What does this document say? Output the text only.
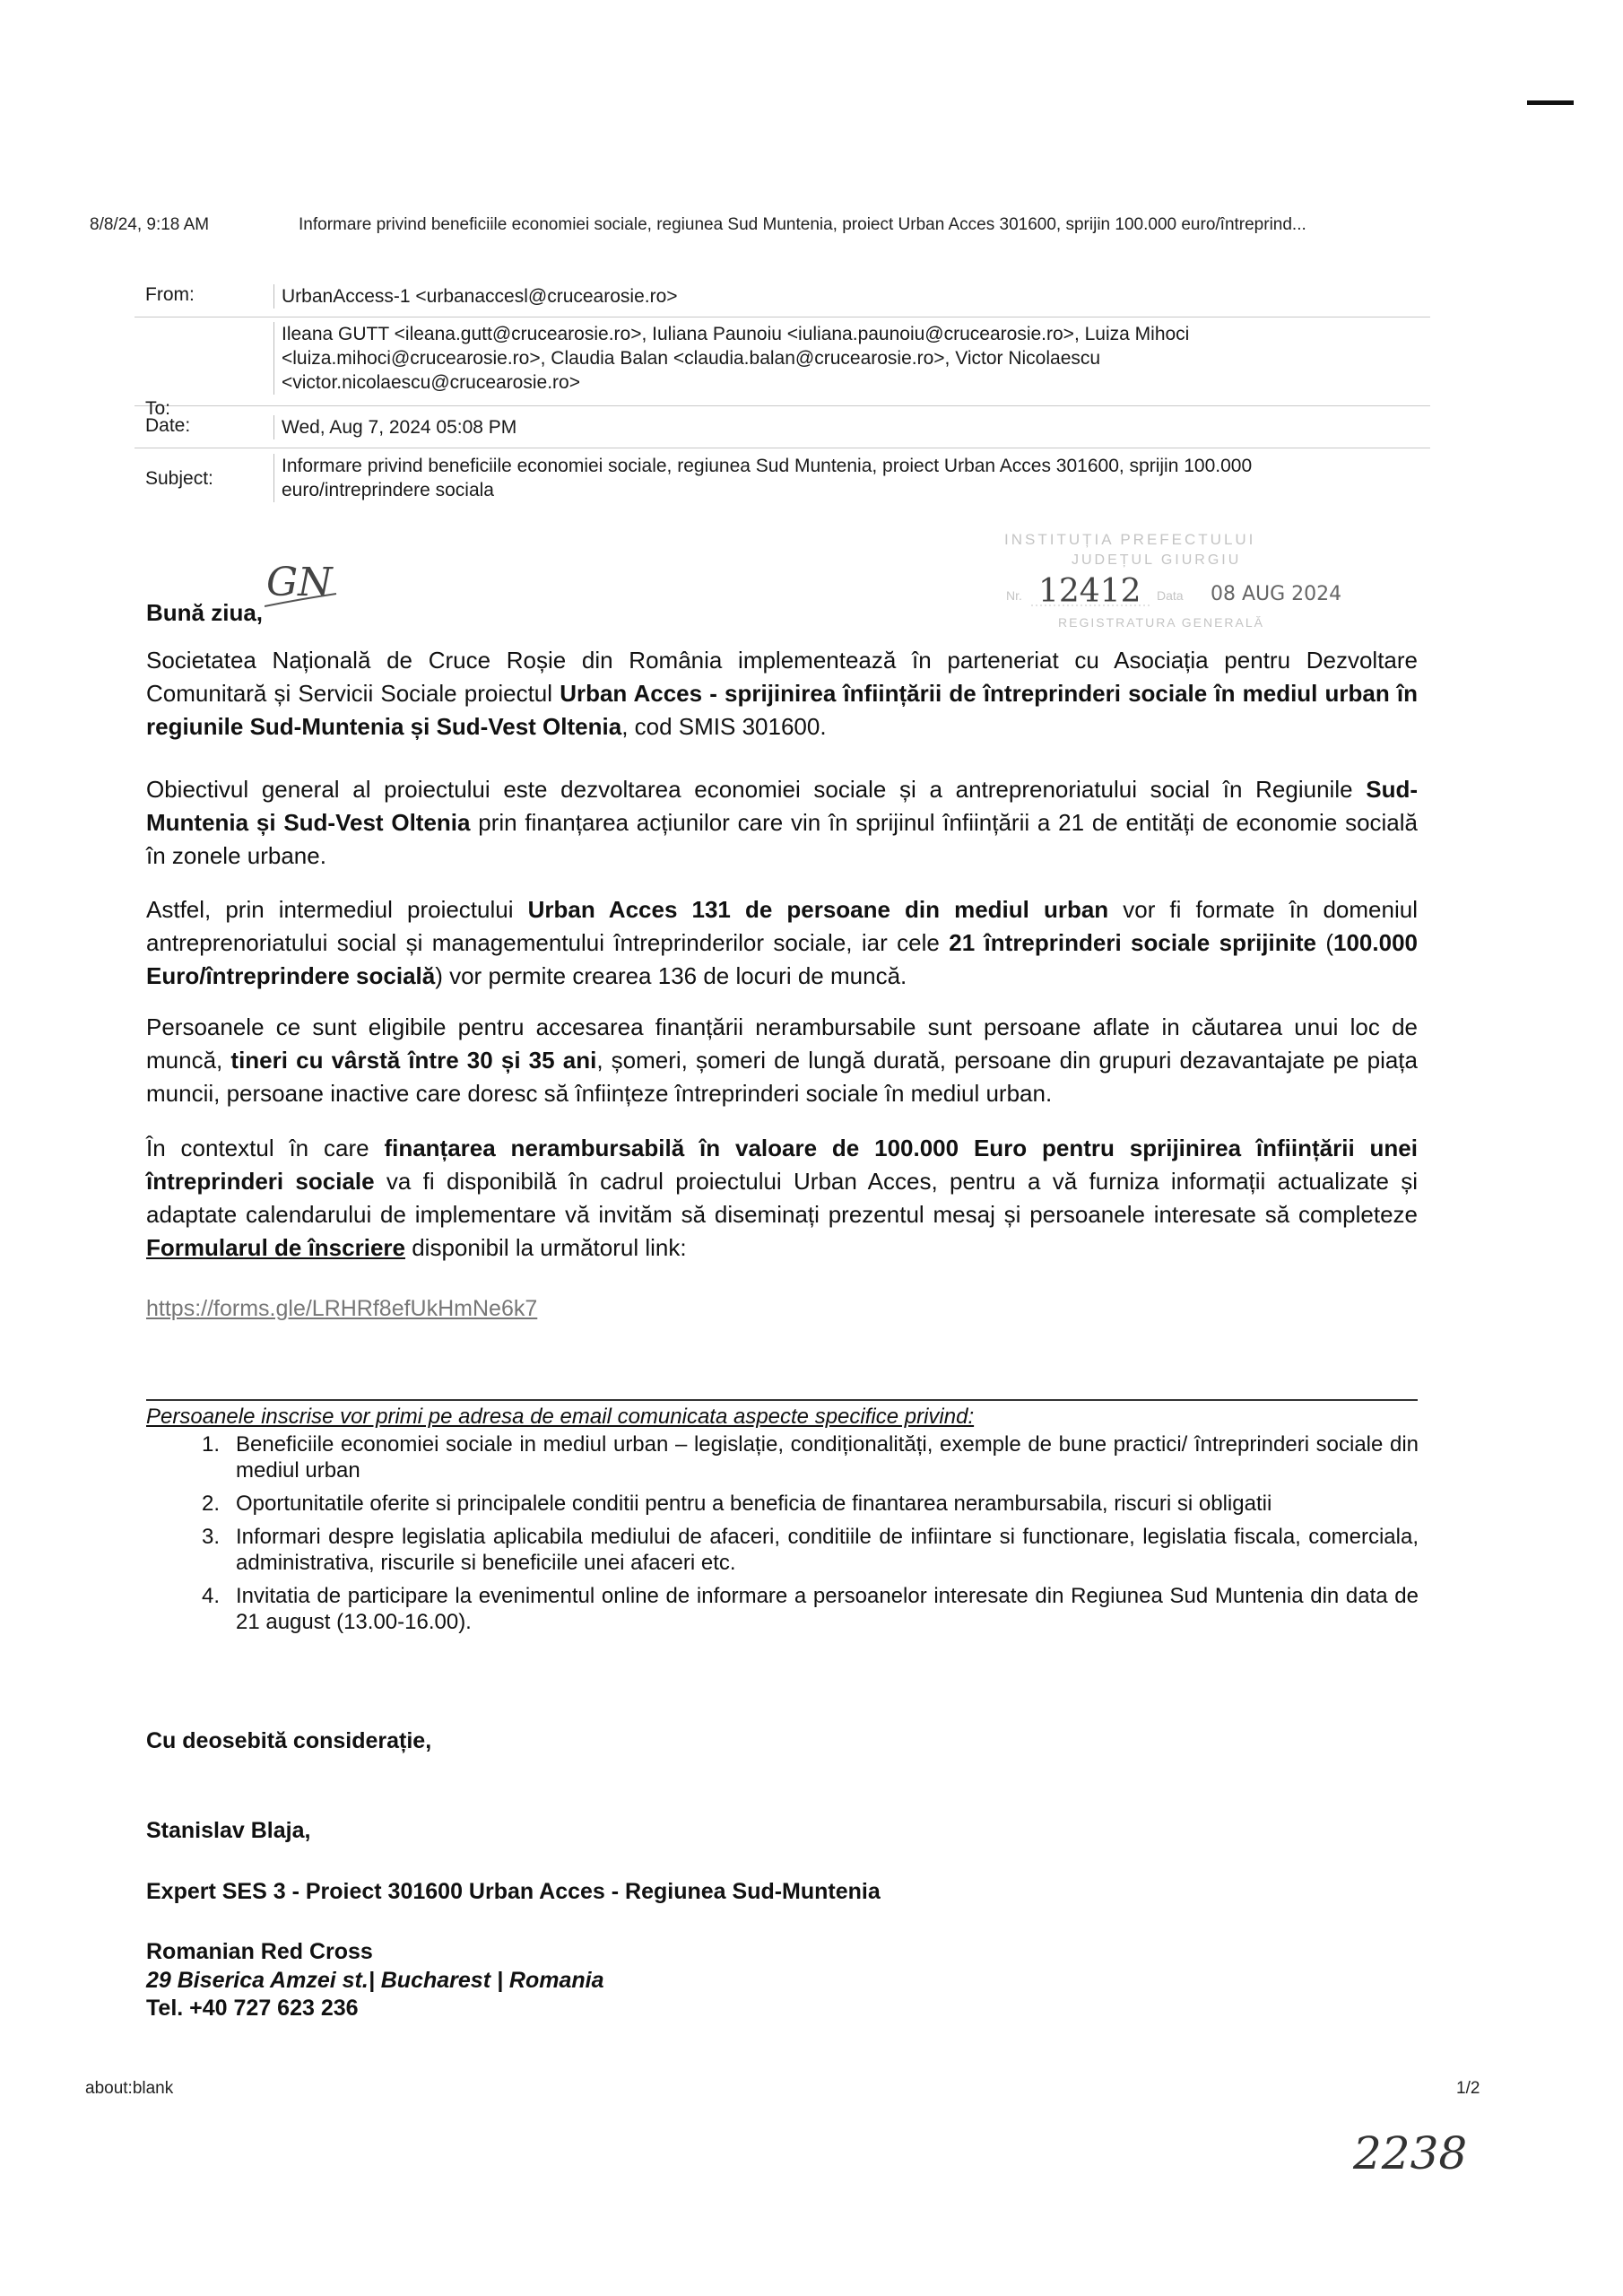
8/8/24, 9:18 AM	Informare privind beneficiile economiei sociale, regiunea Sud Muntenia, proiect Urban Acces 301600, sprijin 100.000 euro/întreprind...
From:	UrbanAccess-1 <urbanaccesl@crucearosie.ro>
To:
Ileana GUTT <ileana.gutt@crucearosie.ro>, Iuliana Paunoiu <iuliana.paunoiu@crucearosie.ro>, Luiza Mihoci <luiza.mihoci@crucearosie.ro>, Claudia Balan <claudia.balan@crucearosie.ro>, Victor Nicolaescu <victor.nicolaescu@crucearosie.ro>
Date:	Wed, Aug 7, 2024 05:08 PM
Subject:
Informare privind beneficiile economiei sociale, regiunea Sud Muntenia, proiect Urban Acces 301600, sprijin 100.000 euro/intreprindere sociala
INSTITUȚIA PREFECTULUI
JUDEȚUL GIURGIU
Nr. 12412 Data 08 AUG 2024
REGISTRATURA GENERALĂ
GN
Bună ziua,
Societatea Națională de Cruce Roșie din România implementează în parteneriat cu Asociația pentru Dezvoltare Comunitară și Servicii Sociale proiectul Urban Acces - sprijinirea înființării de întreprinderi sociale în mediul urban în regiunile Sud-Muntenia și Sud-Vest Oltenia, cod SMIS 301600.
Obiectivul general al proiectului este dezvoltarea economiei sociale și a antreprenoriatului social în Regiunile Sud-Muntenia și Sud-Vest Oltenia prin finanțarea acțiunilor care vin în sprijinul înființării a 21 de entități de economie socială în zonele urbane.
Astfel, prin intermediul proiectului Urban Acces 131 de persoane din mediul urban vor fi formate în domeniul antreprenoriatului social și managementului întreprinderilor sociale, iar cele 21 întreprinderi sociale sprijinite (100.000 Euro/întreprindere socială) vor permite crearea 136 de locuri de muncă.
Persoanele ce sunt eligibile pentru accesarea finanțării nerambursabile sunt persoane aflate in căutarea unui loc de muncă, tineri cu vârstă între 30 și 35 ani, șomeri, șomeri de lungă durată, persoane din grupuri dezavantajate pe piața muncii, persoane inactive care doresc să înființeze întreprinderi sociale în mediul urban.
În contextul în care finanțarea nerambursabilă în valoare de 100.000 Euro pentru sprijinirea înființării unei întreprinderi sociale va fi disponibilă în cadrul proiectului Urban Acces, pentru a vă furniza informații actualizate și adaptate calendarului de implementare vă invităm să diseminați prezentul mesaj și persoanele interesate să completeze Formularul de înscriere disponibil la următorul link:
https://forms.gle/LRHRf8efUkHmNe6k7
Persoanele inscrise vor primi pe adresa de email comunicata aspecte specifice privind:
1. Beneficiile economiei sociale in mediul urban – legislație, condiționalități, exemple de bune practici/ întreprinderi sociale din mediul urban
2. Oportunitatile oferite si principalele conditii pentru a beneficia de finantarea nerambursabila, riscuri si obligatii
3. Informari despre legislatia aplicabila mediului de afaceri, conditiile de infiintare si functionare, legislatia fiscala, comerciala, administrativa, riscurile si beneficiile unei afaceri etc.
4. Invitatia de participare la evenimentul online de informare a persoanelor interesate din Regiunea Sud Muntenia din data de 21 august (13.00-16.00).
Cu deosebită considerație,
Stanislav Blaja,
Expert SES 3 - Proiect 301600 Urban Acces - Regiunea Sud-Muntenia
Romanian Red Cross
29 Biserica Amzei st.| Bucharest | Romania
Tel. +40 727 623 236
about:blank	1/2
2238
